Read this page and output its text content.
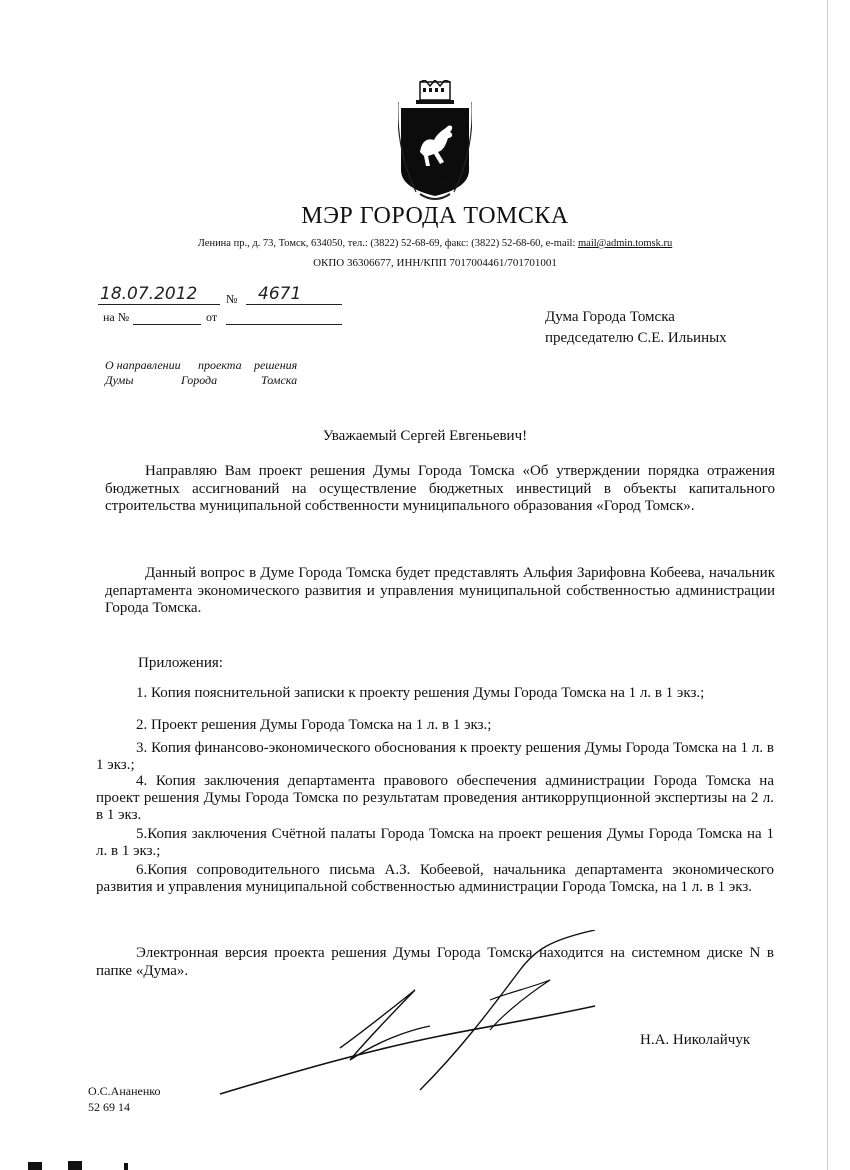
МЭР ГОРОДА ТОМСКА
Ленина пр., д. 73, Томск, 634050, тел.: (3822) 52-68-69, факс: (3822) 52-68-60, e-mail: mail@admin.tomsk.ru
ОКПО 36306677, ИНН/КПП 7017004461/701701001
18.07.2012 № 4671
на №	от	Дума Города Томска
председателю С.Е. Ильиных
О направлении проекта решения
Думы	Города	Томска
Уважаемый Сергей Евгеньевич!
Направляю Вам проект решения Думы Города Томска «Об утверждении порядка отражения бюджетных ассигнований на осуществление бюджетных инвестиций в объекты капитального строительства муниципальной собственности муниципального образования «Город Томск».
Данный вопрос в Думе Города Томска будет представлять Альфия Зарифовна Кобеева, начальник департамента экономического развития и управления муниципальной собственностью администрации Города Томска.
Приложения:
1. Копия пояснительной записки к проекту решения Думы Города Томска на 1 л. в 1 экз.;
2. Проект решения Думы Города Томска на 1 л. в 1 экз.;
3. Копия финансово-экономического обоснования к проекту решения Думы Города Томска на 1 л. в 1 экз.;
4. Копия заключения департамента правового обеспечения администрации Города Томска на проект решения Думы Города Томска по результатам проведения антикоррупционной экспертизы на 2 л. в 1 экз.
5.Копия заключения Счётной палаты Города Томска на проект решения Думы Города Томска на 1 л. в 1 экз.;
6.Копия сопроводительного письма А.З. Кобеевой, начальника департамента экономического развития и управления муниципальной собственностью администрации Города Томска, на 1 л. в 1 экз.
Электронная версия проекта решения Думы Города Томска находится на системном диске N в папке «Дума».
Н.А. Николайчук
О.С.Ананенко
52 69 14
